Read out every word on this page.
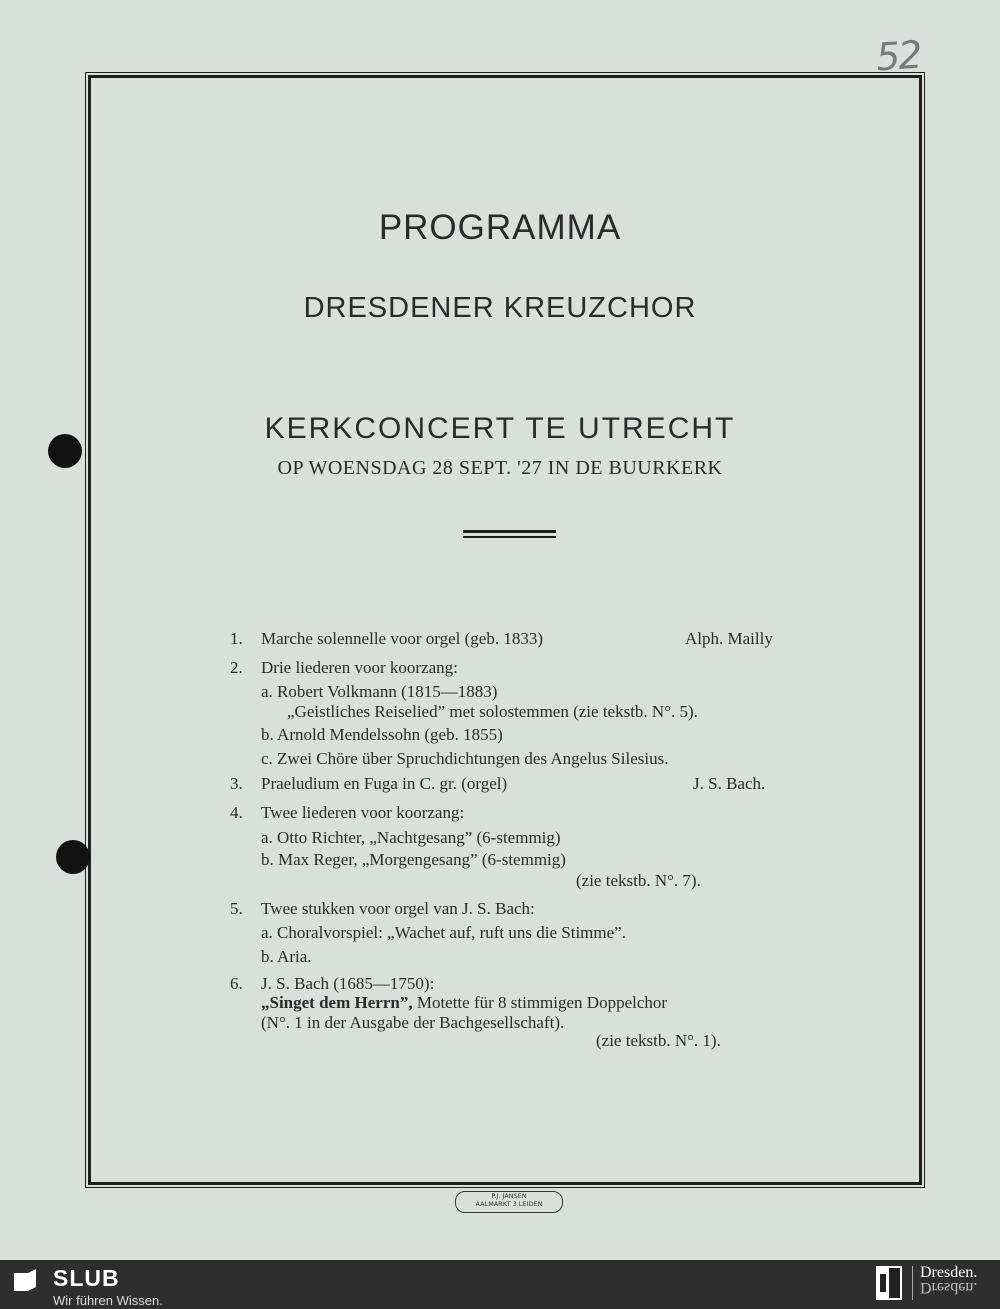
52
PROGRAMMA
DRESDENER KREUZCHOR
KERKCONCERT TE UTRECHT
OP WOENSDAG 28 SEPT. '27 IN DE BUURKERK
1. Marche solennelle voor orgel (geb. 1833)	Alph. Mailly
2. Drie liederen voor koorzang:
a. Robert Volkmann (1815—1883)
„Geistliches Reiselied” met solostemmen (zie tekstb. N°. 5).
b. Arnold Mendelssohn (geb. 1855)
c. Zwei Chöre über Spruchdichtungen des Angelus Silesius.
3. Praeludium en Fuga in C. gr. (orgel)	J. S. Bach.
4. Twee liederen voor koorzang:
a. Otto Richter, „Nachtgesang” (6-stemmig)
b. Max Reger, „Morgengesang” (6-stemmig)
(zie tekstb. N°. 7).
5. Twee stukken voor orgel van J. S. Bach:
a. Choralvorspiel: „Wachet auf, ruft uns die Stimme”.
b. Aria.
6. J. S. Bach (1685—1750):
„Singet dem Herrn”, Motette für 8 stimmigen Doppelchor
(N°. 1 in der Ausgabe der Bachgesellschaft).
(zie tekstb. N°. 1).
P.J. JANSEN
AALMARKT 3 LEIDEN
SLUB
Wir führen Wissen.
Dresden.
Dresden.
